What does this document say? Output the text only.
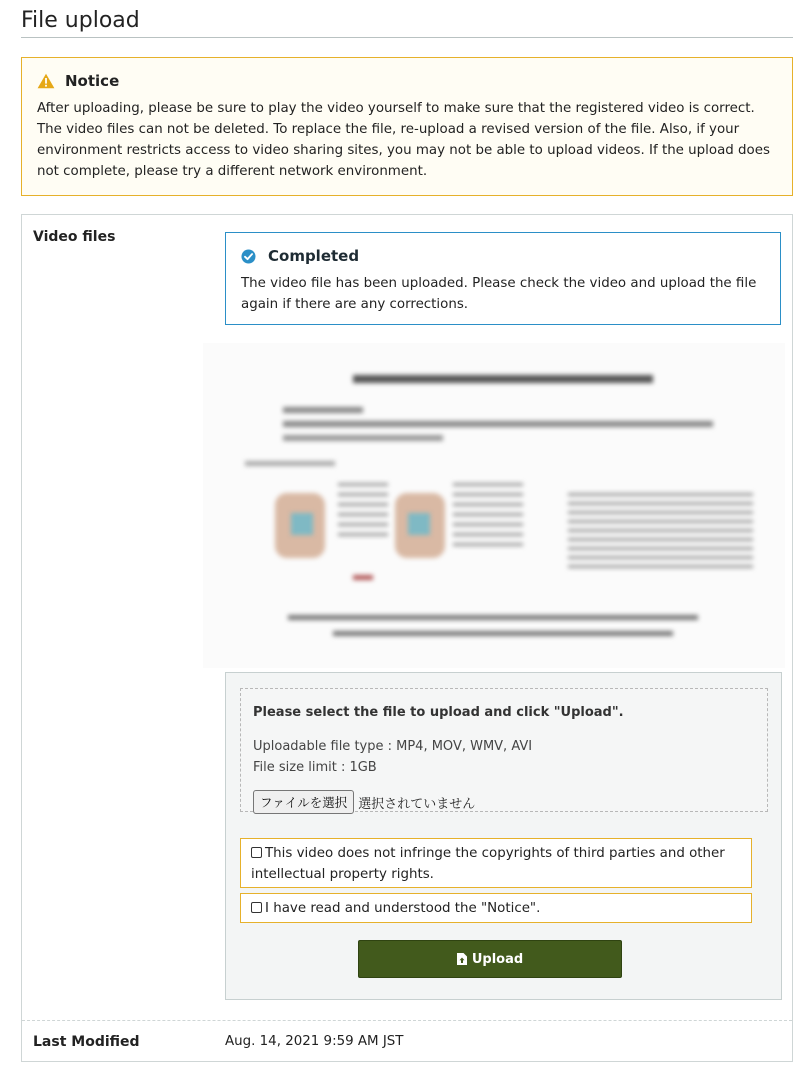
File upload
Notice
After uploading, please be sure to play the video yourself to make sure that the registered video is correct. The video files can not be deleted. To replace the file, re-upload a revised version of the file. Also, if your environment restricts access to video sharing sites, you may not be able to upload videos. If the upload does not complete, please try a different network environment.
Video files
Completed
The video file has been uploaded. Please check the video and upload the file again if there are any corrections.
Please select the file to upload and click "Upload".
Uploadable file type : MP4, MOV, WMV, AVI
File size limit : 1GB
ファイルを選択 選択されていません
This video does not infringe the copyrights of third parties and other intellectual property rights.
I have read and understood the "Notice".
Upload
Last Modified	Aug. 14, 2021 9:59 AM JST
